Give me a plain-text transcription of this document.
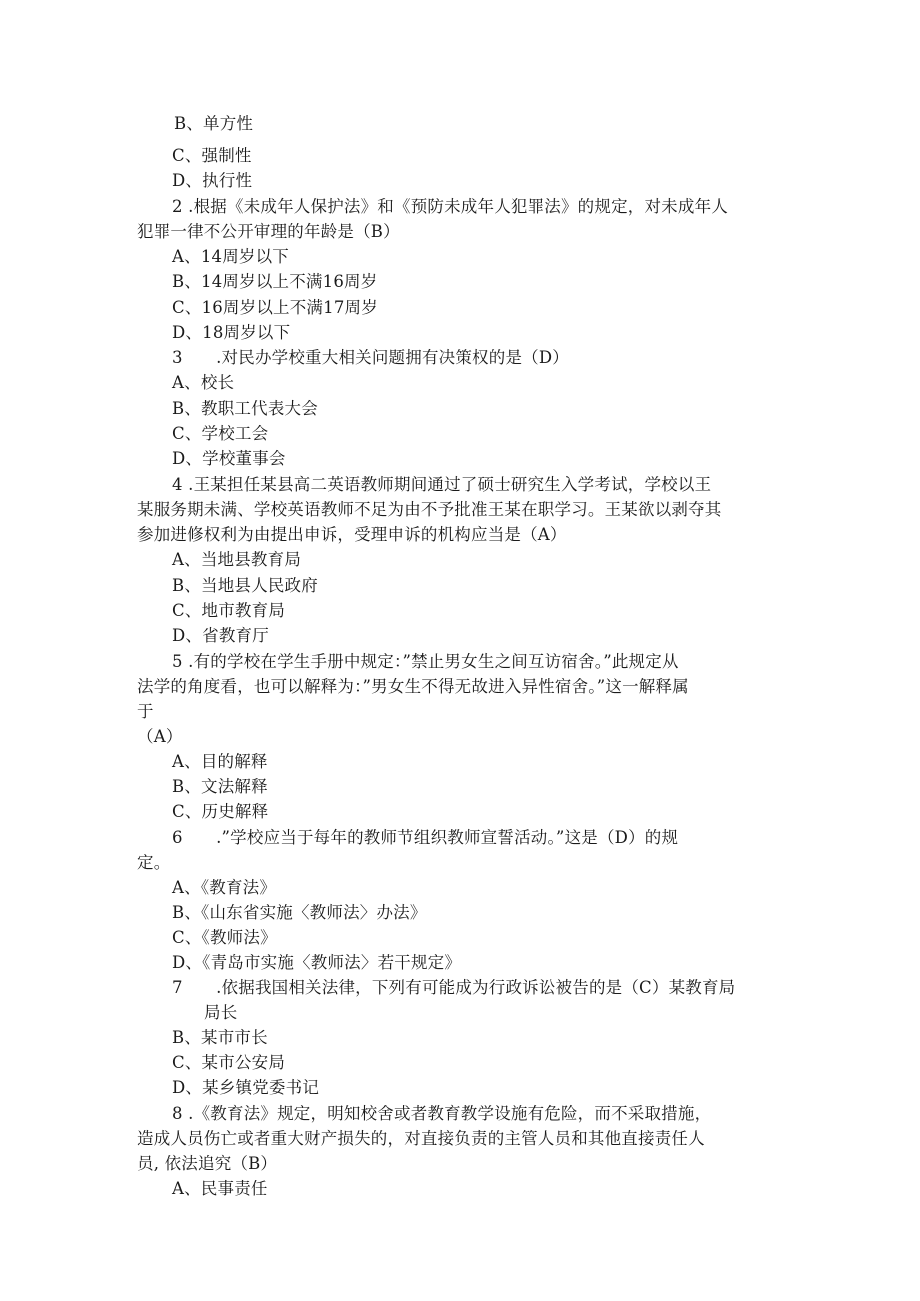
B、单方性
C、强制性
D、执行性
2 .根据《未成年人保护法》和《预防未成年人犯罪法》的规定，对未成年人
犯罪一律不公开审理的年龄是（B）
A、14周岁以下
B、14周岁以上不满16周岁
C、16周岁以上不满17周岁
D、18周岁以下
3　　.对民办学校重大相关问题拥有决策权的是（D）
A、校长
B、教职工代表大会
C、学校工会
D、学校董事会
4 .王某担任某县高二英语教师期间通过了硕士研究生入学考试，学校以王
某服务期未满、学校英语教师不足为由不予批准王某在职学习。王某欲以剥夺其
参加进修权利为由提出申诉，受理申诉的机构应当是（A）
A、当地县教育局
B、当地县人民政府
C、地市教育局
D、省教育厅
5 .有的学校在学生手册中规定：”禁止男女生之间互访宿舍。”此规定从
法学的角度看，也可以解释为：”男女生不得无故进入异性宿舍。”这一解释属
于
（A）
A、目的解释
B、文法解释
C、历史解释
6　　.”学校应当于每年的教师节组织教师宣誓活动。”这是（D）的规
定。
A、《教育法》
B、《山东省实施〈教师法〉办法》
C、《教师法》
D、《青岛市实施〈教师法〉若干规定》
7　　.依据我国相关法律，下列有可能成为行政诉讼被告的是（C）某教育局
局长
B、某市市长
C、某市公安局
D、某乡镇党委书记
8 .《教育法》规定，明知校舍或者教育教学设施有危险，而不采取措施，
造成人员伤亡或者重大财产损失的，对直接负责的主管人员和其他直接责任人
员, 依法追究（B）
A、民事责任
